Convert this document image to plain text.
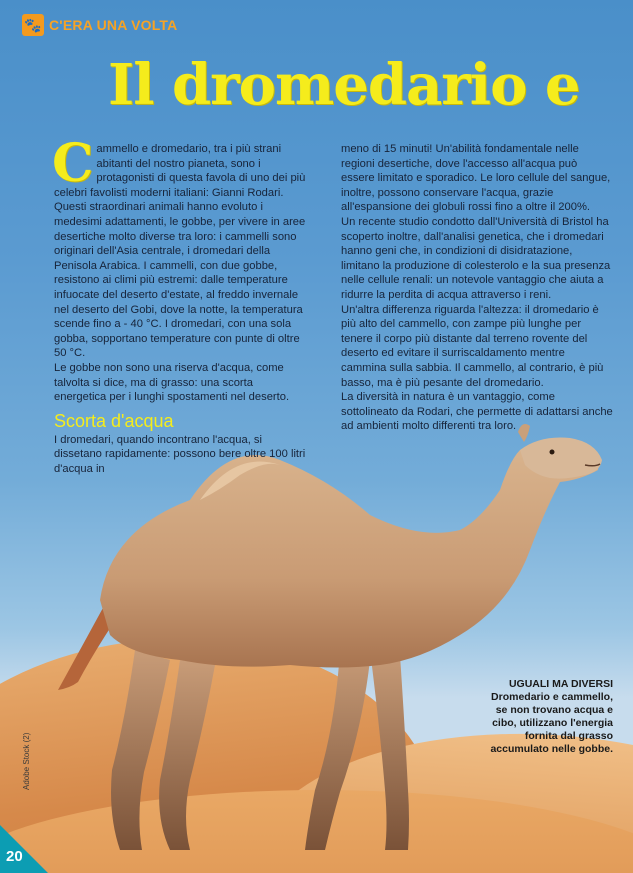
🐾 C'ERA UNA VOLTA
Il dromedario e

Cammello e dromedario, tra i più strani abitanti del nostro pianeta, sono i protagonisti di questa favola di uno dei più celebri favolisti moderni italiani: Gianni Rodari. Questi straordinari animali hanno evoluto i medesimi adattamenti, le gobbe, per vivere in aree desertiche molto diverse tra loro: i cammelli sono originari dell'Asia centrale, i dromedari della Penisola Arabica. I cammelli, con due gobbe, resistono ai climi più estremi: dalle temperature infuocate del deserto d'estate, al freddo invernale nel deserto del Gobi, dove la notte, la temperatura scende fino a - 40 °C. I dromedari, con una sola gobba, sopportano temperature con punte di oltre 50 °C.

Le gobbe non sono una riserva d'acqua, come talvolta si dice, ma di grasso: una scorta energetica per i lunghi spostamenti nel deserto.

Scorta d'acqua

I dromedari, quando incontrano l'acqua, si dissetano rapidamente: possono bere oltre 100 litri d'acqua in

meno di 15 minuti! Un'abilità fondamentale nelle regioni desertiche, dove l'accesso all'acqua può essere limitato e sporadico. Le loro cellule del sangue, inoltre, possono conservare l'acqua, grazie all'espansione dei globuli rossi fino a oltre il 200%.

Un recente studio condotto dall'Università di Bristol ha scoperto inoltre, dall'analisi genetica, che i dromedari hanno geni che, in condizioni di disidratazione, limitano la produzione di colesterolo e la sua presenza nelle cellule renali: un notevole vantaggio che aiuta a ridurre la perdita di acqua attraverso i reni.

Un'altra differenza riguarda l'altezza: il dromedario è più alto del cammello, con zampe più lunghe per tenere il corpo più distante dal terreno rovente del deserto ed evitare il surriscaldamento mentre cammina sulla sabbia. Il cammello, al contrario, è più basso, ma è più pesante del dromedario.

La diversità in natura è un vantaggio, come sottolineato da Rodari, che permette di adattarsi anche ad ambienti molto differenti tra loro.

UGUALI MA DIVERSI
Dromedario e cammello, se non trovano acqua e cibo, utilizzano l'energia fornita dal grasso accumulato nelle gobbe.
Adobe Stock (2)
20
